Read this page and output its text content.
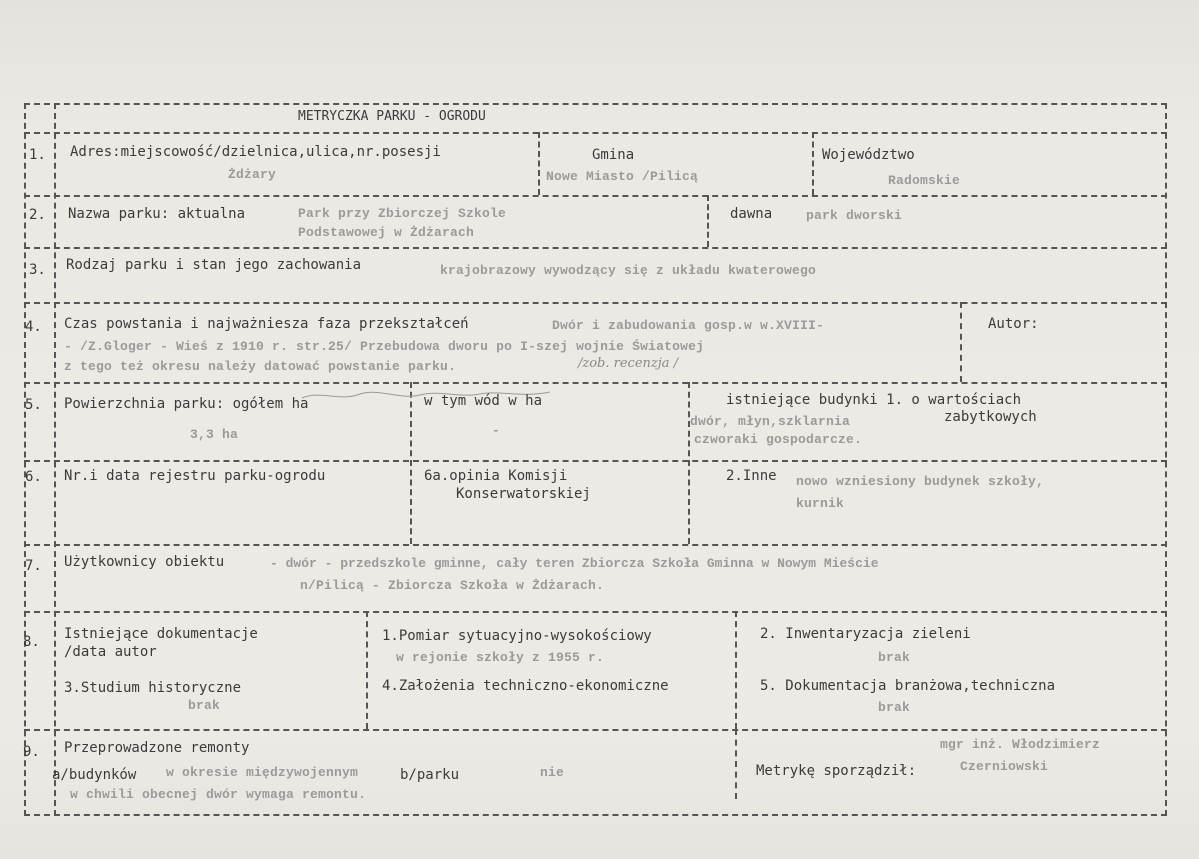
METRYCZKA PARKU - OGRODU
1. Adres:miejscowość/dzielnica,ulica,nr.posesji
Żdżary
Gmina
Nowe Miasto /Pilicą
Województwo
Radomskie
2. Nazwa parku: aktualna	Park przy Zbiorczej Szkole
Podstawowej w Żdżarach
dawna	park dworski
3. Rodzaj parku i stan jego zachowania	krajobrazowy wywodzący się z układu kwaterowego
4. Czas powstania i najważniesza faza przekształceń	Dwór i zabudowania gosp.w w.XVIII-
- /Z.Gloger - Wieś z 1910 r. str.25/ Przebudowa dworu po I-szej wojnie Światowej
z tego też okresu należy datować powstanie parku.	/zob. recenzja /
Autor:
5. Powierzchnia parku: ogółem ha
3,3 ha
w tym wód w ha
-
istniejące budynki 1. o wartościach
zabytkowych
dwór, młyn,szklarnia
czworaki gospodarcze.
6. Nr.i data rejestru parku-ogrodu	6a.opinia Komisji
Konserwatorskiej
2.Inne nowo wzniesiony budynek szkoły,
kurnik
7. Użytkownicy obiektu	- dwór - przedszkole gminne, cały teren Zbiorcza Szkoła Gminna w Nowym Mieście
n/Pilicą - Zbiorcza Szkoła w Żdżarach.
8. Istniejące dokumentacje
/data autor
1.Pomiar sytuacyjno-wysokościowy
w rejonie szkoły z 1955 r.
2. Inwentaryzacja zieleni
brak
3.Studium historyczne
brak
4.Założenia techniczno-ekonomiczne	5. Dokumentacja branżowa,techniczna
brak
9. Przeprowadzone remonty
a/budynków w okresie międzywojennym
w chwili obecnej dwór wymaga remontu.
b/parku	nie	Metrykę sporządził:
mgr inż. Włodzimierz
Czerniowski
